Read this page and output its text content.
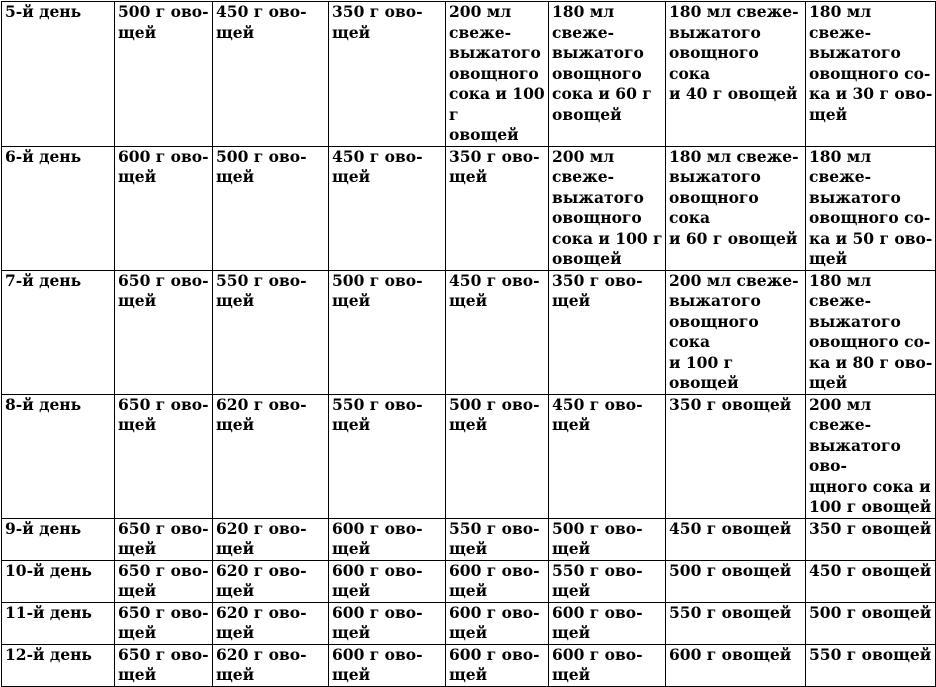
5-й день	500 г ово-
щей	450 г ово-
щей	350 г ово-
щей	200 мл свеже-
выжатого
овощного
сока и 100 г
овощей	180 мл свеже-
выжатого
овощного
сока и 60 г
овощей	180 мл свеже-
выжатого
овощного сока
и 40 г овощей	180 мл свеже-
выжатого
овощного со-
ка и 30 г ово-
щей

6-й день	600 г ово-
щей	500 г ово-
щей	450 г ово-
щей	350 г ово-
щей	200 мл свеже-
выжатого
овощного
сока и 100 г
овощей	180 мл свеже-
выжатого
овощного сока
и 60 г овощей	180 мл свеже-
выжатого
овощного со-
ка и 50 г ово-
щей

7-й день	650 г ово-
щей	550 г ово-
щей	500 г ово-
щей	450 г ово-
щей	350 г ово-
щей	200 мл свеже-
выжатого
овощного сока
и 100 г овощей	180 мл свеже-
выжатого
овощного со-
ка и 80 г ово-
щей

8-й день	650 г ово-
щей	620 г ово-
щей	550 г ово-
щей	500 г ово-
щей	450 г ово-
щей	350 г овощей	200 мл свеже-
выжатого ово-
щного сока и
100 г овощей

9-й день	650 г ово-
щей	620 г ово-
щей	600 г ово-
щей	550 г ово-
щей	500 г ово-
щей	450 г овощей	350 г овощей

10-й день	650 г ово-
щей	620 г ово-
щей	600 г ово-
щей	600 г ово-
щей	550 г ово-
щей	500 г овощей	450 г овощей

11-й день	650 г ово-
щей	620 г ово-
щей	600 г ово-
щей	600 г ово-
щей	600 г ово-
щей	550 г овощей	500 г овощей

12-й день	650 г ово-
щей	620 г ово-
щей	600 г ово-
щей	600 г ово-
щей	600 г ово-
щей	600 г овощей	550 г овощей
